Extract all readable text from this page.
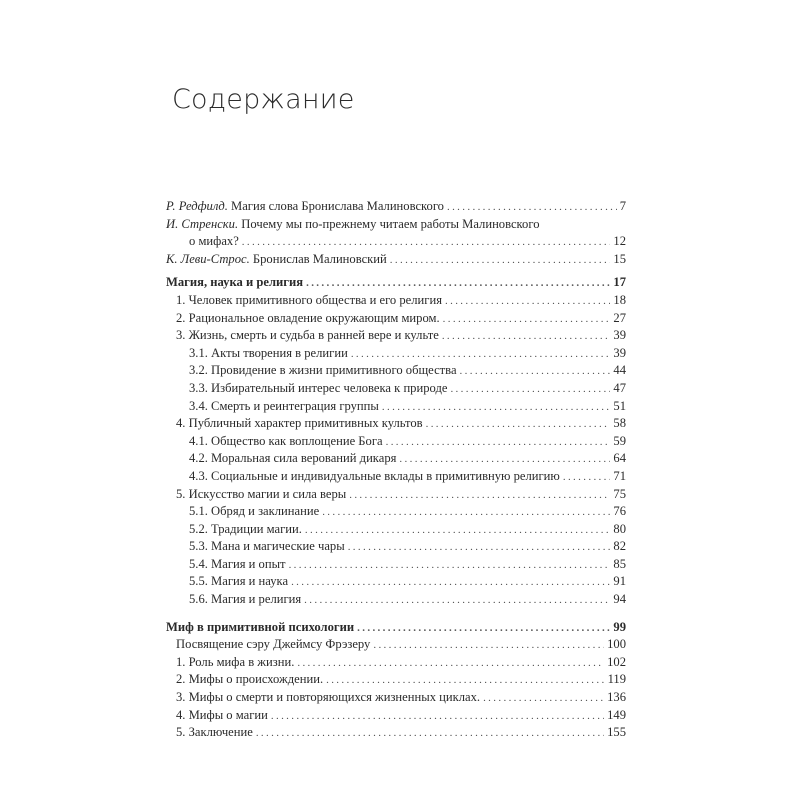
Содержание
Р. Редфилд. Магия слова Бронислава Малиновского . . .	7
И. Стренски. Почему мы по-прежнему читаем работы Малиновского
о мифах? . . .	12
К. Леви-Строс. Бронислав Малиновский . . .	15
Магия, наука и религия . . .	17
1. Человек примитивного общества и его религия . . .	18
2. Рациональное овладение окружающим миром. . . .	27
3. Жизнь, смерть и судьба в ранней вере и культе . . .	39
3.1. Акты творения в религии . . .	39
3.2. Провидение в жизни примитивного общества . . .	44
3.3. Избирательный интерес человека к природе . . .	47
3.4. Смерть и реинтеграция группы . . .	51
4. Публичный характер примитивных культов . . .	58
4.1. Общество как воплощение Бога . . .	59
4.2. Моральная сила верований дикаря . . .	64
4.3. Социальные и индивидуальные вклады в примитивную религию . . .	71
5. Искусство магии и сила веры . . .	75
5.1. Обряд и заклинание . . .	76
5.2. Традиции магии. . . .	80
5.3. Мана и магические чары . . .	82
5.4. Магия и опыт . . .	85
5.5. Магия и наука . . .	91
5.6. Магия и религия . . .	94
Миф в примитивной психологии . . .	99
Посвящение сэру Джеймсу Фрэзеру . . .	100
1. Роль мифа в жизни. . . .	102
2. Мифы о происхождении. . . .	119
3. Мифы о смерти и повторяющихся жизненных циклах. . . .	136
4. Мифы о магии . . .	149
5. Заключение . . .	155
